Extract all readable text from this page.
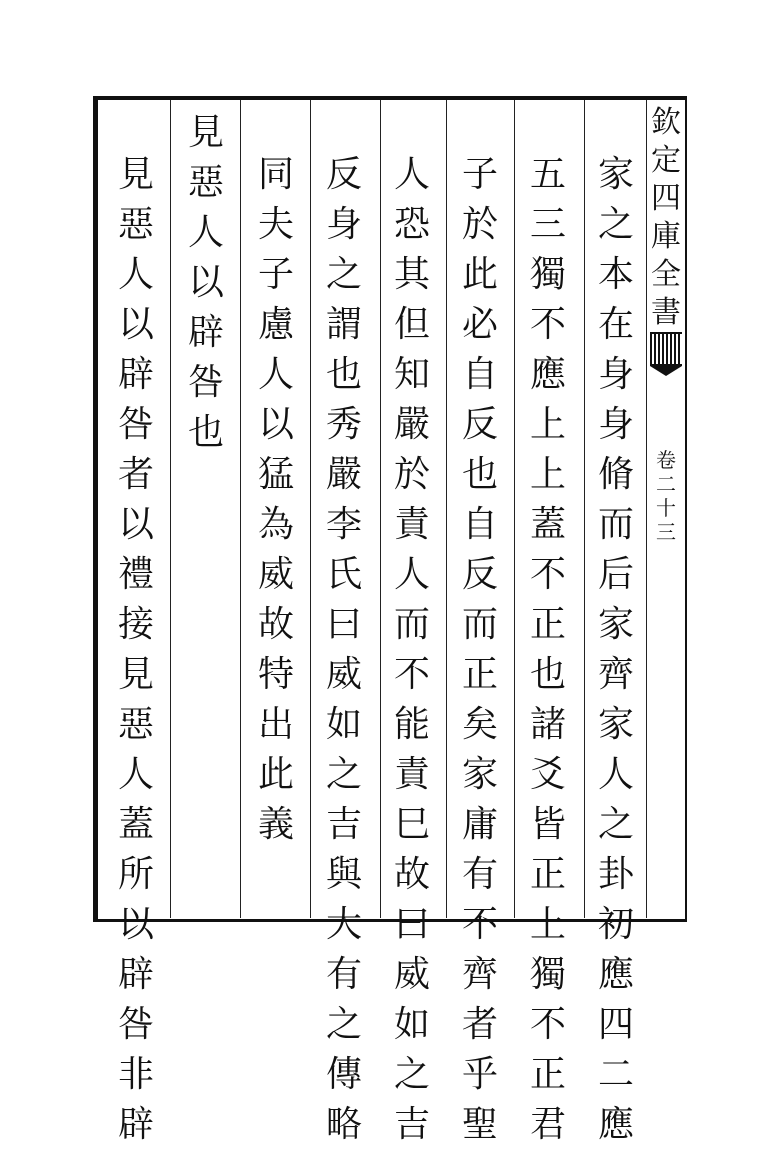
欽
定
四
庫
全
書
卷
二
十
三
家
之
本
在
身
身
脩
而
后
家
齊
家
人
之
卦
初
應
四
二
應
五
三
獨
不
應
上
上
蓋
不
正
也
諸
爻
皆
正
上
獨
不
正
君
子
於
此
必
自
反
也
自
反
而
正
矣
家
庸
有
不
齊
者
乎
聖
人
恐
其
但
知
嚴
於
責
人
而
不
能
責
巳
故
曰
威
如
之
吉
反
身
之
謂
也
秀
嚴
李
氏
曰
威
如
之
吉
與
大
有
之
傳
略
同
夫
子
慮
人
以
猛
為
威
故
特
出
此
義
見
惡
人
以
辟
咎
也
見
惡
人
以
辟
咎
者
以
禮
接
見
惡
人
蓋
所
以
辟
咎
非
辟
